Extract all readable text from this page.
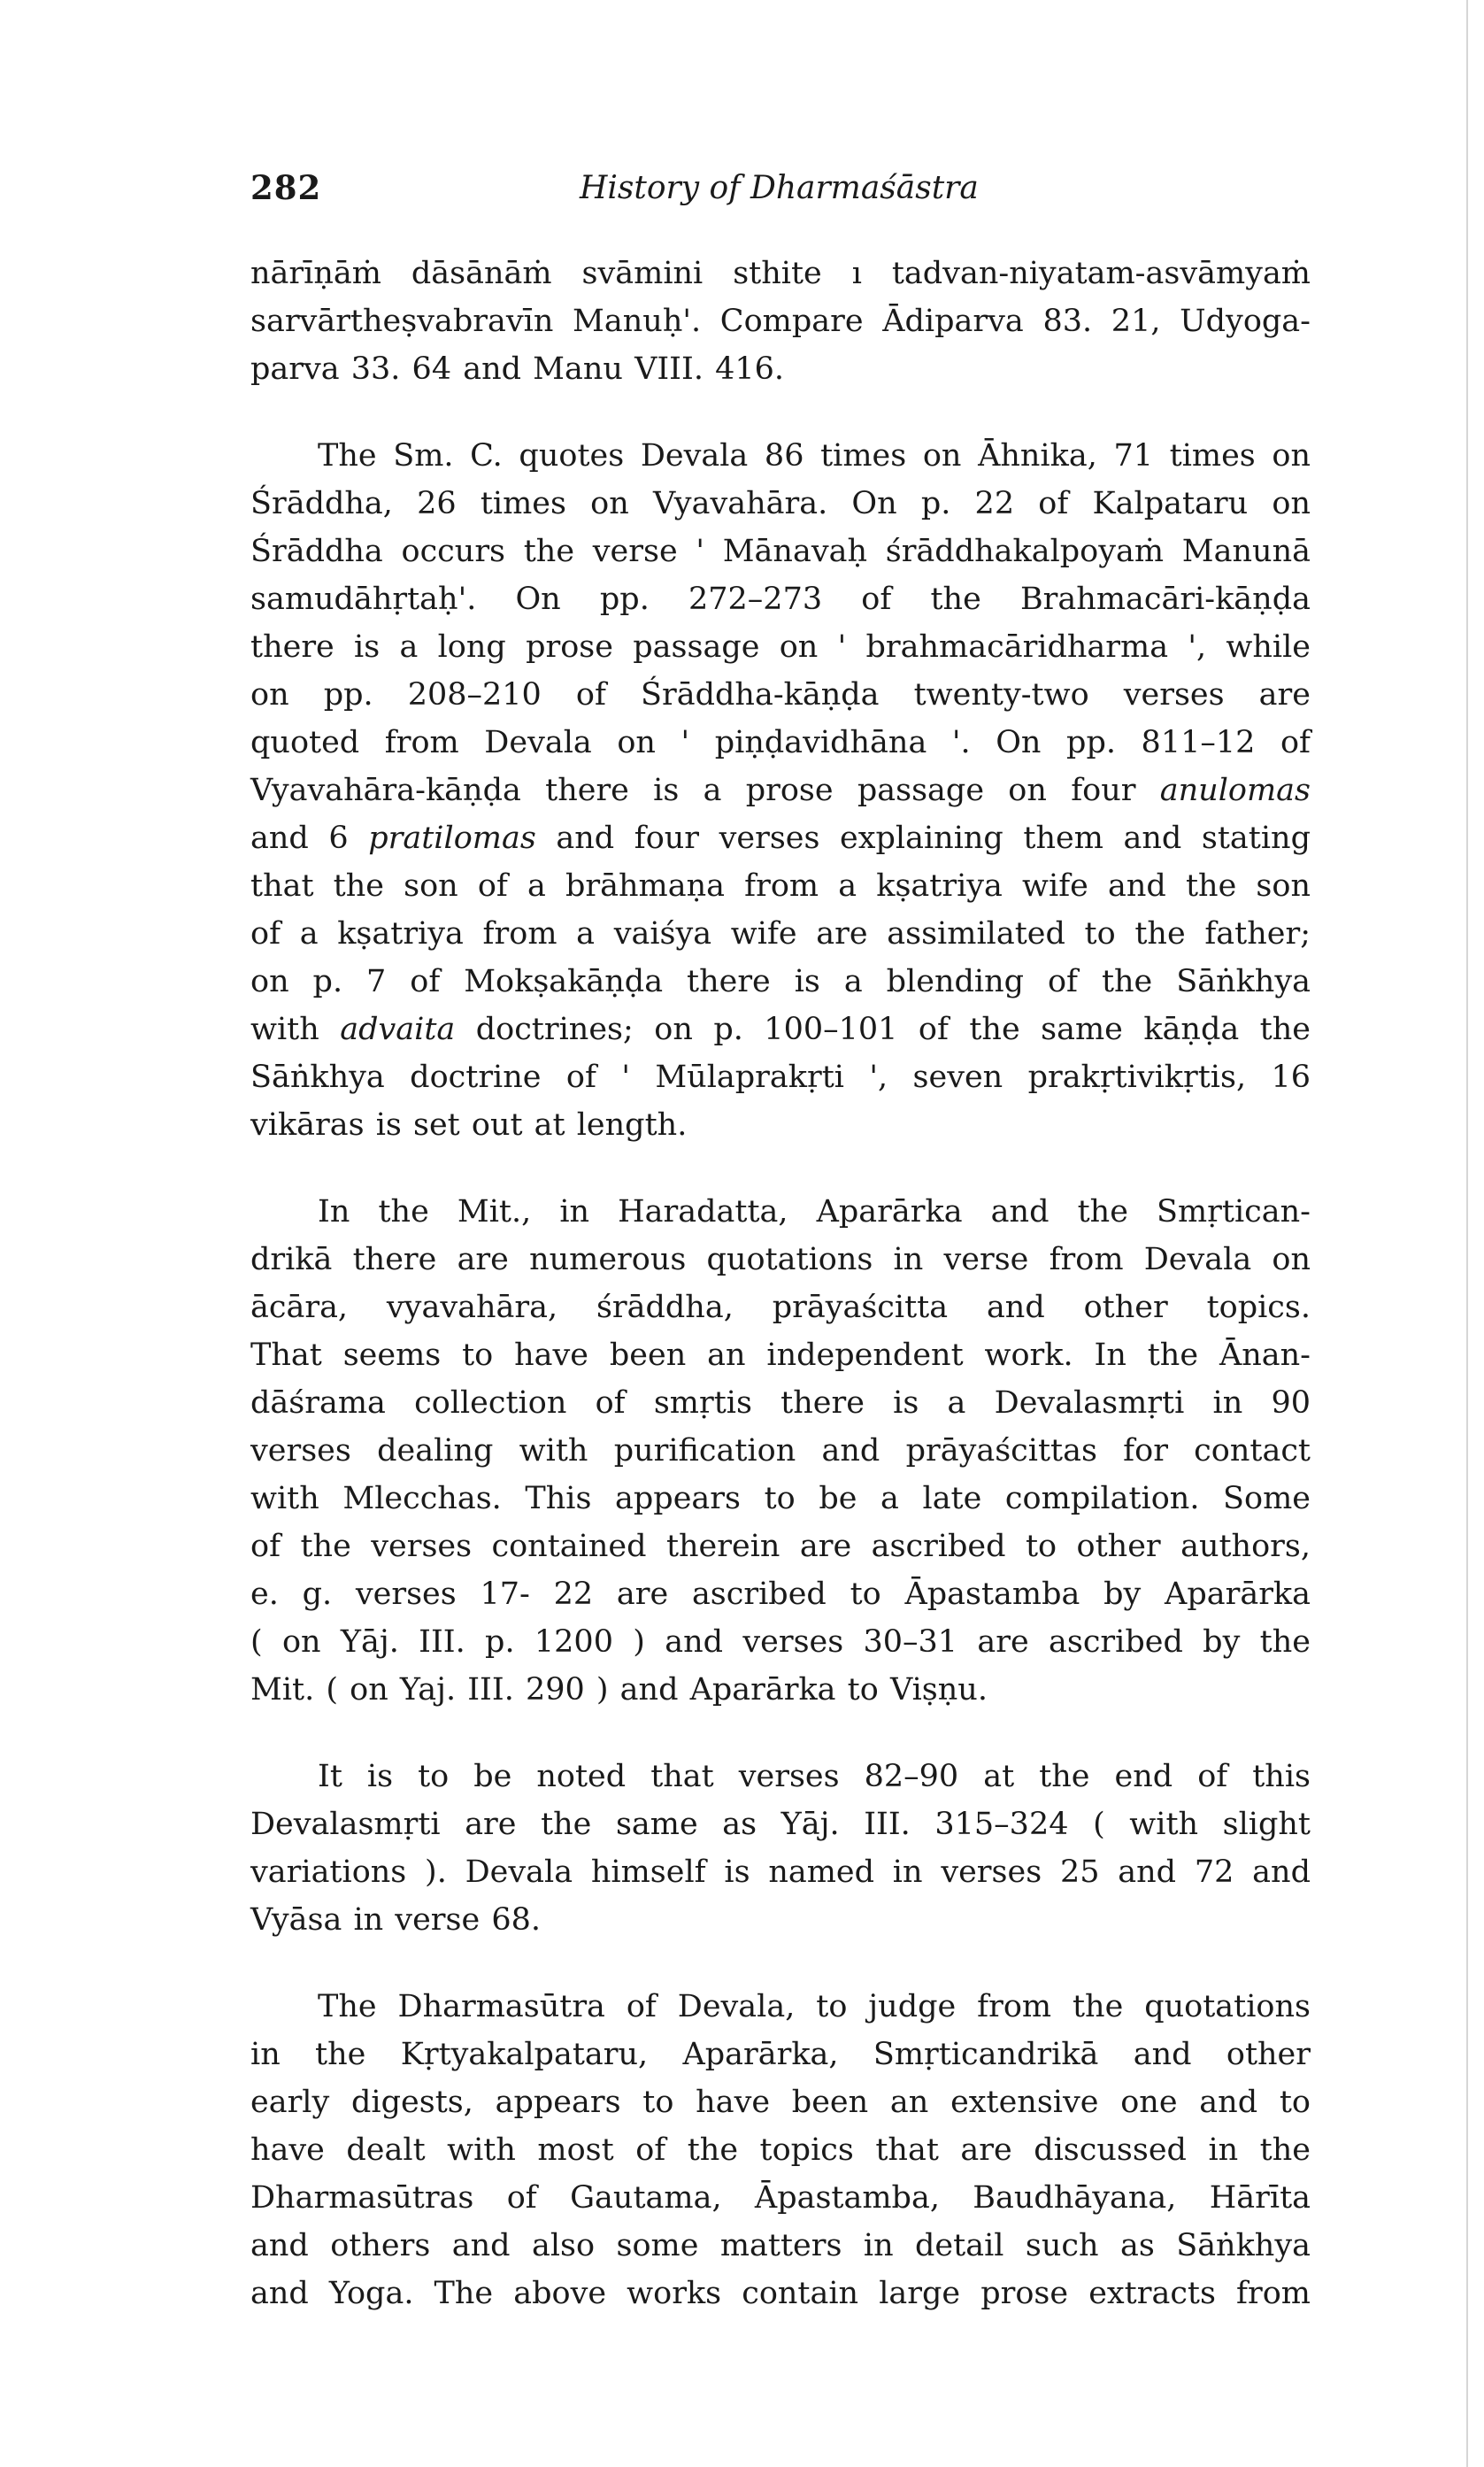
282	History of Dharmaśāstra
nārīṇāṁ dāsānāṁ svāmini sthite ı tadvan-niyatam-asvāmyaṁ
sarvārtheṣvabravīn Manuḥ'. Compare Ādiparva 83. 21, Udyoga-
parva 33. 64 and Manu VIII. 416.
The Sm. C. quotes Devala 86 times on Āhnika, 71 times on
Śrāddha, 26 times on Vyavahāra. On p. 22 of Kalpataru on
Śrāddha occurs the verse ' Mānavaḥ śrāddhakalpoyaṁ Manunā
samudāhṛtaḥ'. On pp. 272–273 of the Brahmacāri-kāṇḍa
there is a long prose passage on ' brahmacāridharma ', while
on pp. 208–210 of Śrāddha-kāṇḍa twenty-two verses are
quoted from Devala on ' piṇḍavidhāna '. On pp. 811–12 of
Vyavahāra-kāṇḍa there is a prose passage on four anulomas
and 6 pratilomas and four verses explaining them and stating
that the son of a brāhmaṇa from a kṣatriya wife and the son
of a kṣatriya from a vaiśya wife are assimilated to the father;
on p. 7 of Mokṣakāṇḍa there is a blending of the Sāṅkhya
with advaita doctrines; on p. 100–101 of the same kāṇḍa the
Sāṅkhya doctrine of ' Mūlaprakṛti ', seven prakṛtivikṛtis, 16
vikāras is set out at length.
In the Mit., in Haradatta, Aparārka and the Smṛtican-
drikā there are numerous quotations in verse from Devala on
ācāra, vyavahāra, śrāddha, prāyaścitta and other topics.
That seems to have been an independent work. In the Ānan-
dāśrama collection of smṛtis there is a Devalasmṛti in 90
verses dealing with purification and prāyaścittas for contact
with Mlecchas. This appears to be a late compilation. Some
of the verses contained therein are ascribed to other authors,
e. g. verses 17- 22 are ascribed to Āpastamba by Aparārka
( on Yāj. III. p. 1200 ) and verses 30–31 are ascribed by the
Mit. ( on Yaj. III. 290 ) and Aparārka to Viṣṇu.
It is to be noted that verses 82–90 at the end of this
Devalasmṛti are the same as Yāj. III. 315–324 ( with slight
variations ). Devala himself is named in verses 25 and 72 and
Vyāsa in verse 68.
The Dharmasūtra of Devala, to judge from the quotations
in the Kṛtyakalpataru, Aparārka, Smṛticandrikā and other
early digests, appears to have been an extensive one and to
have dealt with most of the topics that are discussed in the
Dharmasūtras of Gautama, Āpastamba, Baudhāyana, Hārīta
and others and also some matters in detail such as Sāṅkhya
and Yoga. The above works contain large prose extracts from
